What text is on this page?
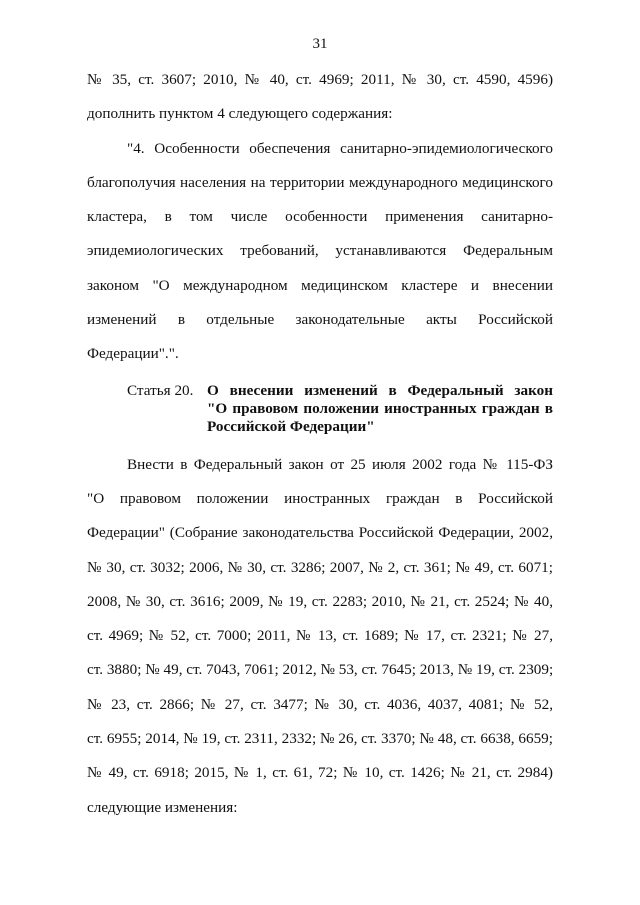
31
№ 35, ст. 3607; 2010, № 40, ст. 4969; 2011, № 30, ст. 4590, 4596)
дополнить пунктом 4 следующего содержания:
"4. Особенности обеспечения санитарно-эпидемиологического
благополучия населения на территории международного медицинского
кластера, в том числе особенности применения санитарно-
эпидемиологических требований, устанавливаются Федеральным
законом "О международном медицинском кластере и внесении
изменений в отдельные законодательные акты Российской
Федерации".".
Статья 20. О внесении изменений в Федеральный закон
"О правовом положении иностранных граждан в
Российской Федерации"
Внести в Федеральный закон от 25 июля 2002 года № 115-ФЗ
"О правовом положении иностранных граждан в Российской
Федерации" (Собрание законодательства Российской Федерации, 2002,
№ 30, ст. 3032; 2006, № 30, ст. 3286; 2007, № 2, ст. 361; № 49, ст. 6071;
2008, № 30, ст. 3616; 2009, № 19, ст. 2283; 2010, № 21, ст. 2524; № 40,
ст. 4969; № 52, ст. 7000; 2011, № 13, ст. 1689; № 17, ст. 2321; № 27,
ст. 3880; № 49, ст. 7043, 7061; 2012, № 53, ст. 7645; 2013, № 19, ст. 2309;
№ 23, ст. 2866; № 27, ст. 3477; № 30, ст. 4036, 4037, 4081; № 52,
ст. 6955; 2014, № 19, ст. 2311, 2332; № 26, ст. 3370; № 48, ст. 6638, 6659;
№ 49, ст. 6918; 2015, № 1, ст. 61, 72; № 10, ст. 1426; № 21, ст. 2984)
следующие изменения:
